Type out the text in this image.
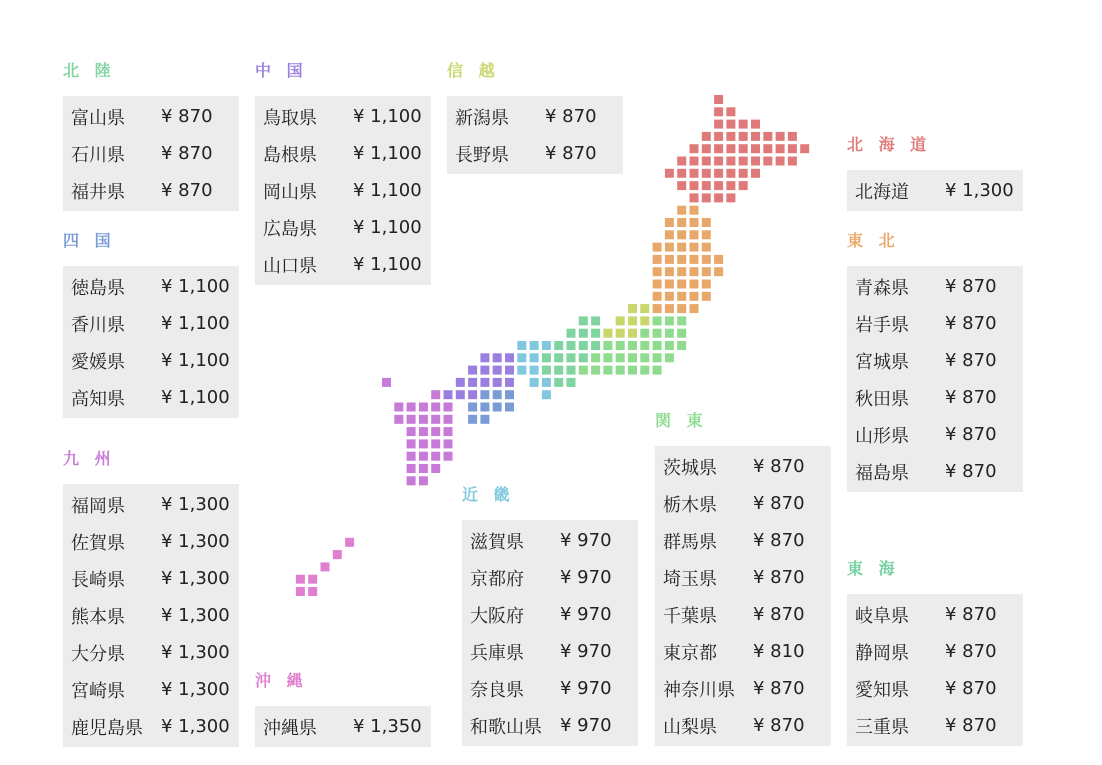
北 陸
富山県	¥ 870
石川県	¥ 870
福井県	¥ 870
四 国
徳島県	¥ 1,100
香川県	¥ 1,100
愛媛県	¥ 1,100
高知県	¥ 1,100
九 州
福岡県	¥ 1,300
佐賀県	¥ 1,300
長崎県	¥ 1,300
熊本県	¥ 1,300
大分県	¥ 1,300
宮崎県	¥ 1,300
鹿児島県	¥ 1,300
中 国
鳥取県	¥ 1,100
島根県	¥ 1,100
岡山県	¥ 1,100
広島県	¥ 1,100
山口県	¥ 1,100
沖 縄
沖縄県	¥ 1,350
信 越
新潟県	¥ 870
長野県	¥ 870
近 畿
滋賀県	¥ 970
京都府	¥ 970
大阪府	¥ 970
兵庫県	¥ 970
奈良県	¥ 970
和歌山県	¥ 970
関 東
茨城県	¥ 870
栃木県	¥ 870
群馬県	¥ 870
埼玉県	¥ 870
千葉県	¥ 870
東京都	¥ 810
神奈川県	¥ 870
山梨県	¥ 870
北 海 道
北海道	¥ 1,300
東 北
青森県	¥ 870
岩手県	¥ 870
宮城県	¥ 870
秋田県	¥ 870
山形県	¥ 870
福島県	¥ 870
東 海
岐阜県	¥ 870
静岡県	¥ 870
愛知県	¥ 870
三重県	¥ 870
